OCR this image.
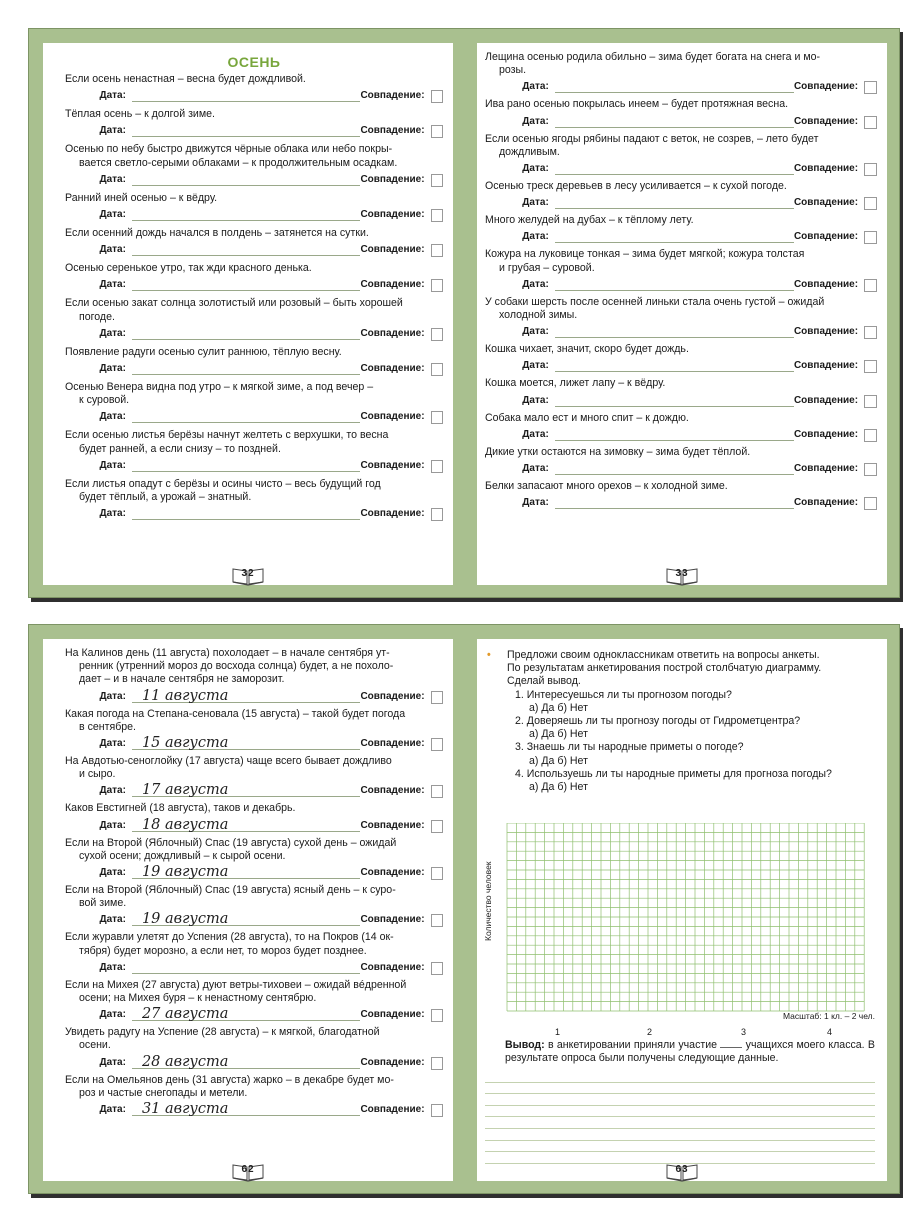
ОСЕНЬ
Если осень ненастная – весна будет дождливой.
Дата:	Совпадение:
Тёплая осень – к долгой зиме.
Дата:	Совпадение:
Осенью по небу быстро движутся чёрные облака или небо покры-
вается светло-серыми облаками – к продолжительным осадкам.
Дата:	Совпадение:
Ранний иней осенью – к вёдру.
Дата:	Совпадение:
Если осенний дождь начался в полдень – затянется на сутки.
Дата:	Совпадение:
Осенью серенькое утро, так жди красного денька.
Дата:	Совпадение:
Если осенью закат солнца золотистый или розовый – быть хорошей
погоде.
Дата:	Совпадение:
Появление радуги осенью сулит раннюю, тёплую весну.
Дата:	Совпадение:
Осенью Венера видна под утро – к мягкой зиме, а под вечер –
к суровой.
Дата:	Совпадение:
Если осенью листья берёзы начнут желтеть с верхушки, то весна
будет ранней, а если снизу – то поздней.
Дата:	Совпадение:
Если листья опадут с берёзы и осины чисто – весь будущий год
будет тёплый, а урожай – знатный.
Дата:	Совпадение:
32
Лещина осенью родила обильно – зима будет богата на снега и мо-
розы.
Дата:	Совпадение:
Ива рано осенью покрылась инеем – будет протяжная весна.
Дата:	Совпадение:
Если осенью ягоды рябины падают с веток, не созрев, – лето будет
дождливым.
Дата:	Совпадение:
Осенью треск деревьев в лесу усиливается – к сухой погоде.
Дата:	Совпадение:
Много желудей на дубах – к тёплому лету.
Дата:	Совпадение:
Кожура на луковице тонкая – зима будет мягкой; кожура толстая
и грубая – суровой.
Дата:	Совпадение:
У собаки шерсть после осенней линьки стала очень густой – ожидай
холодной зимы.
Дата:	Совпадение:
Кошка чихает, значит, скоро будет дождь.
Дата:	Совпадение:
Кошка моется, лижет лапу – к вёдру.
Дата:	Совпадение:
Собака мало ест и много спит – к дождю.
Дата:	Совпадение:
Дикие утки остаются на зимовку – зима будет тёплой.
Дата:	Совпадение:
Белки запасают много орехов – к холодной зиме.
Дата:	Совпадение:
33
На Калинов день (11 августа) похолодает – в начале сентября ут-
ренник (утренний мороз до восхода солнца) будет, а не похоло-
дает – и в начале сентября не заморозит.
Дата:	11 августа	Совпадение:
Какая погода на Степана-сеновала (15 августа) – такой будет погода
в сентябре.
Дата:	15 августа	Совпадение:
На Авдотью-сеноглойку (17 августа) чаще всего бывает дождливо
и сыро.
Дата:	17 августа	Совпадение:
Каков Евстигней (18 августа), таков и декабрь.
Дата:	18 августа	Совпадение:
Если на Второй (Яблочный) Спас (19 августа) сухой день – ожидай
сухой осени; дождливый – к сырой осени.
Дата:	19 августа	Совпадение:
Если на Второй (Яблочный) Спас (19 августа) ясный день – к суро-
вой зиме.
Дата:	19 августа	Совпадение:
Если журавли улетят до Успения (28 августа), то на Покров (14 ок-
тября) будет морозно, а если нет, то мороз будет позднее.
Дата:	Совпадение:
Если на Михея (27 августа) дуют ветры-тиховеи – ожидай вéдренной
осени; на Михея буря – к ненастному сентябрю.
Дата:	27 августа	Совпадение:
Увидеть радугу на Успение (28 августа) – к мягкой, благодатной
осени.
Дата:	28 августа	Совпадение:
Если на Омельянов день (31 августа) жарко – в декабре будет мо-
роз и частые снегопады и метели.
Дата:	31 августа	Совпадение:
62
• Предложи своим одноклассникам ответить на вопросы анкеты.
По результатам анкетирования построй столбчатую диаграмму.
Сделай вывод.
1. Интересуешься ли ты прогнозом погоды?
а) Да б) Нет
2. Доверяешь ли ты прогнозу погоды от Гидрометцентра?
а) Да б) Нет
3. Знаешь ли ты народные приметы о погоде?
а) Да б) Нет
4. Используешь ли ты народные приметы для прогноза погоды?
а) Да б) Нет
Количество человек
1	2	3	4
Масштаб: 1 кл. – 2 чел.
Вывод: в анкетировании приняли участие	учащихся моего класса. В результате опроса были получены следующие данные.
63
